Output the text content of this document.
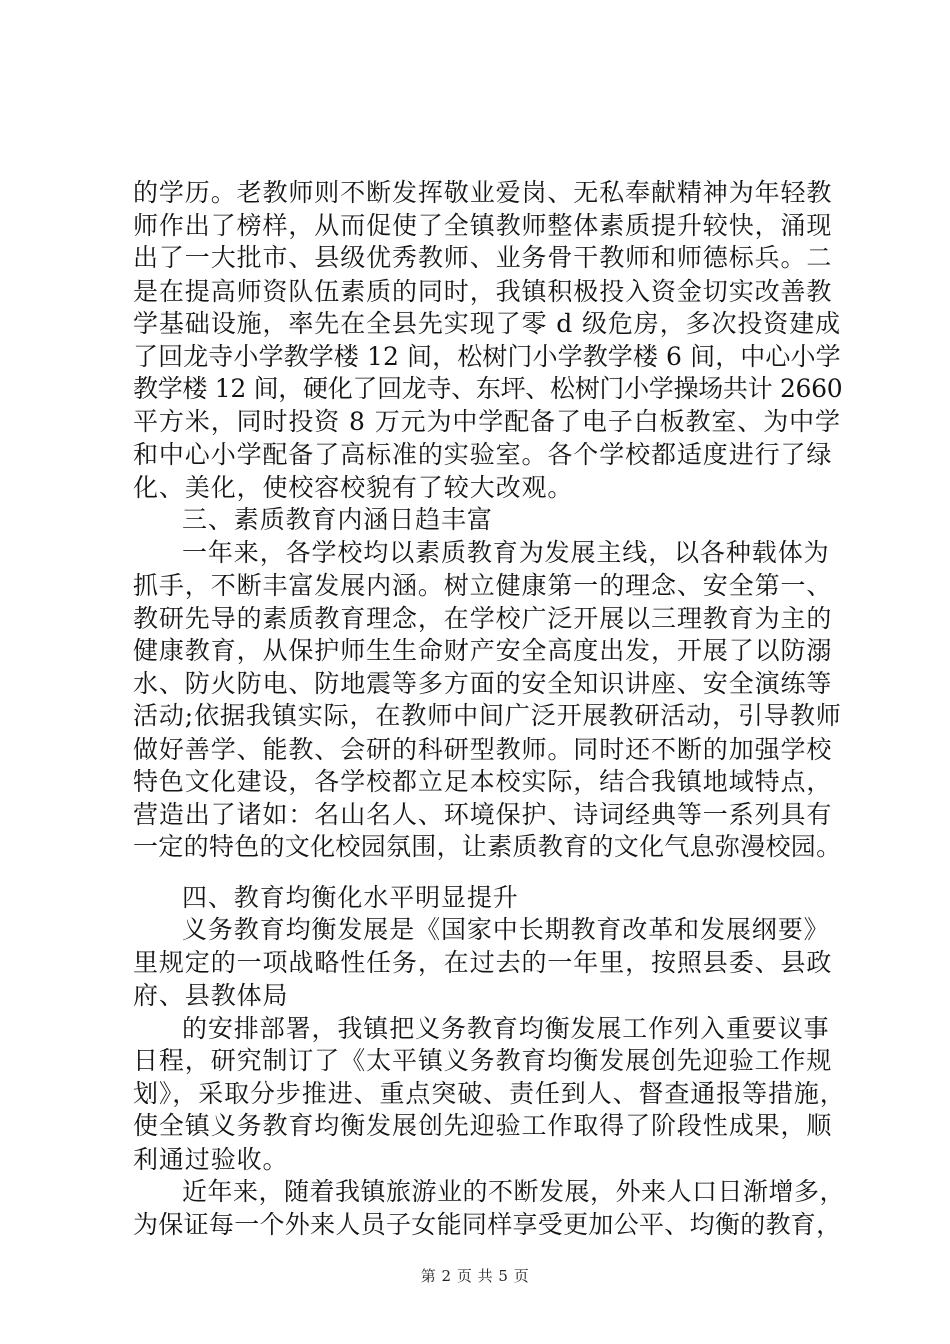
的学历。老教师则不断发挥敬业爱岗、无私奉献精神为年轻教
师作出了榜样，从而促使了全镇教师整体素质提升较快，涌现
出了一大批市、县级优秀教师、业务骨干教师和师德标兵。二
是在提高师资队伍素质的同时，我镇积极投入资金切实改善教
学基础设施，率先在全县先实现了零 d 级危房，多次投资建成
了回龙寺小学教学楼 12 间，松树门小学教学楼 6 间，中心小学
教学楼 12 间，硬化了回龙寺、东坪、松树门小学操场共计 2660
平方米，同时投资 8 万元为中学配备了电子白板教室、为中学
和中心小学配备了高标准的实验室。各个学校都适度进行了绿
化、美化，使校容校貌有了较大改观。
三、素质教育内涵日趋丰富
一年来，各学校均以素质教育为发展主线，以各种载体为
抓手，不断丰富发展内涵。树立健康第一的理念、安全第一、
教研先导的素质教育理念，在学校广泛开展以三理教育为主的
健康教育，从保护师生生命财产安全高度出发，开展了以防溺
水、防火防电、防地震等多方面的安全知识讲座、安全演练等
活动;依据我镇实际，在教师中间广泛开展教研活动，引导教师
做好善学、能教、会研的科研型教师。同时还不断的加强学校
特色文化建设，各学校都立足本校实际，结合我镇地域特点，
营造出了诸如：名山名人、环境保护、诗词经典等一系列具有
一定的特色的文化校园氛围，让素质教育的文化气息弥漫校园。
四、教育均衡化水平明显提升
义务教育均衡发展是《国家中长期教育改革和发展纲要》
里规定的一项战略性任务，在过去的一年里，按照县委、县政
府、县教体局
的安排部署，我镇把义务教育均衡发展工作列入重要议事
日程，研究制订了《太平镇义务教育均衡发展创先迎验工作规
划》，采取分步推进、重点突破、责任到人、督查通报等措施，
使全镇义务教育均衡发展创先迎验工作取得了阶段性成果，顺
利通过验收。
近年来，随着我镇旅游业的不断发展，外来人口日渐增多，
为保证每一个外来人员子女能同样享受更加公平、均衡的教育，
第 2 页 共 5 页
